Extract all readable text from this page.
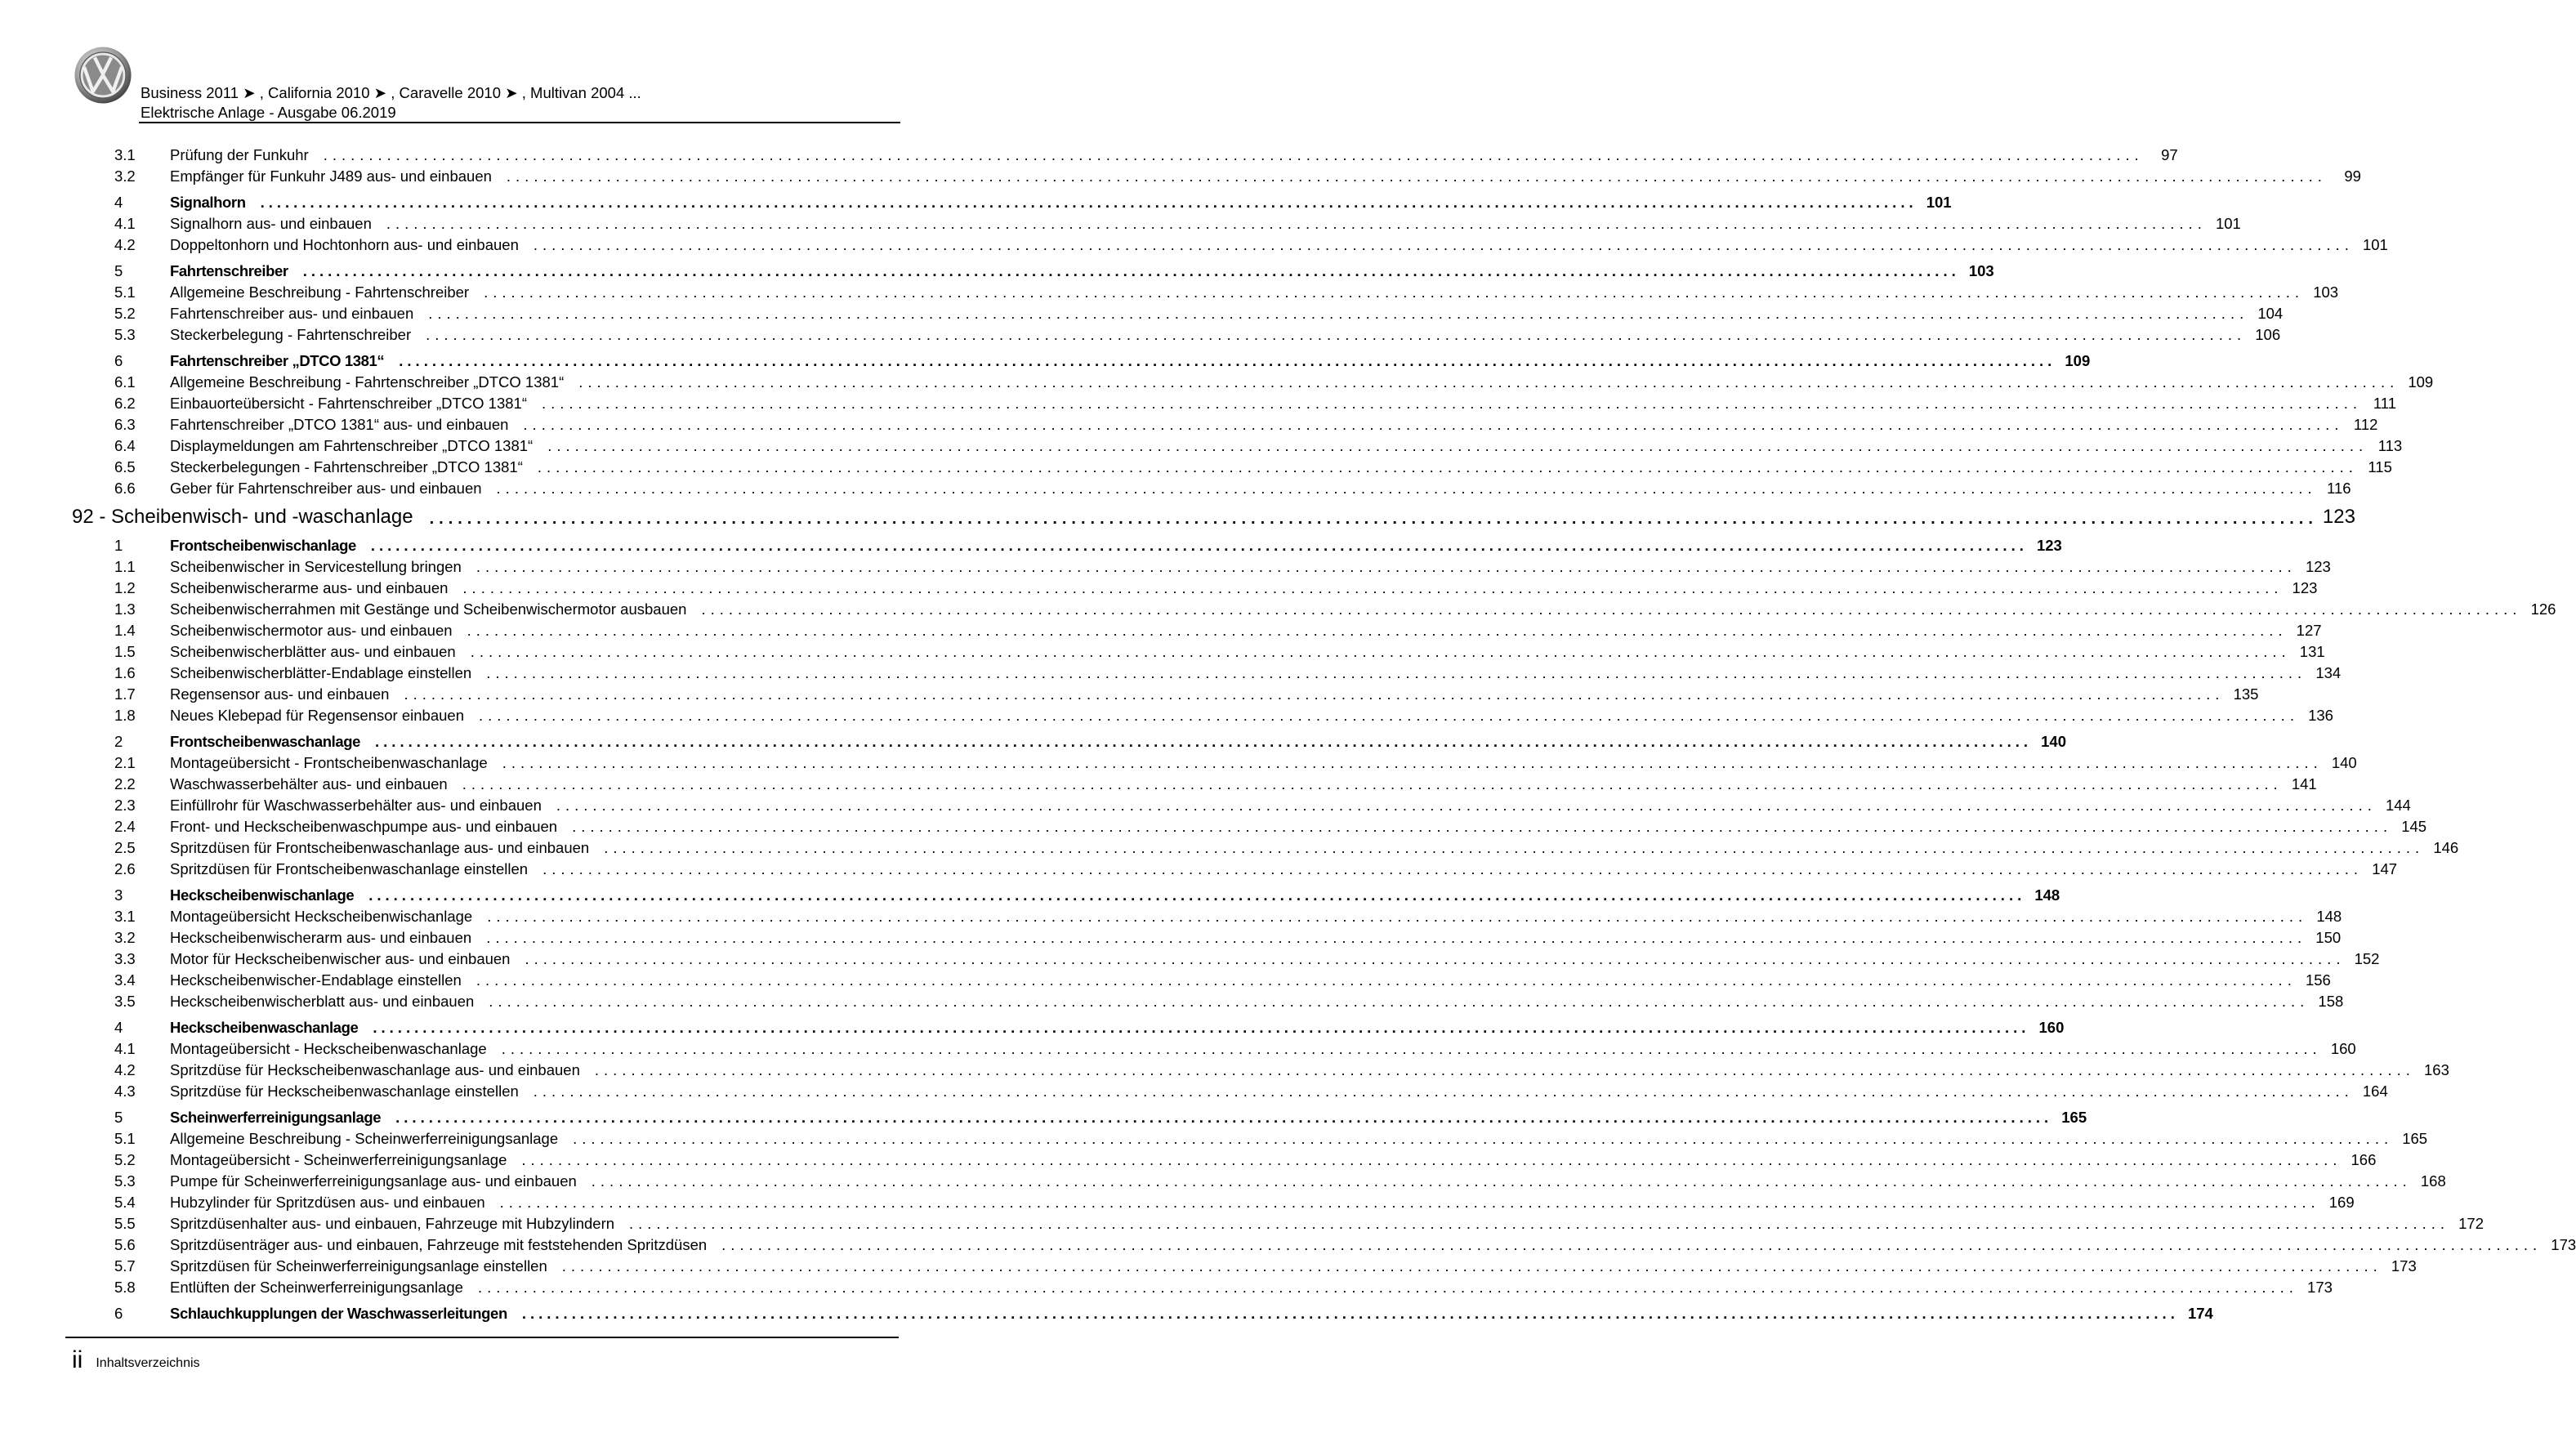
Business 2011 ➤ , California 2010 ➤ , Caravelle 2010 ➤ , Multivan 2004 ...
Elektrische Anlage - Ausgabe 06.2019
3.1	Prüfung der Funkuhr ........................................................................................................................................................................................................	97
3.2	Empfänger für Funkuhr J489 aus- und einbauen ........................................................................................................................................................................................................	99
4	Signalhorn ........................................................................................................................................................................................................ 101
4.1	Signalhorn aus- und einbauen ........................................................................................................................................................................................................ 101
4.2	Doppeltonhorn und Hochtonhorn aus- und einbauen ........................................................................................................................................................................................................ 101
5	Fahrtenschreiber ........................................................................................................................................................................................................ 103
5.1	Allgemeine Beschreibung - Fahrtenschreiber ........................................................................................................................................................................................................ 103
5.2	Fahrtenschreiber aus- und einbauen ........................................................................................................................................................................................................ 104
5.3	Steckerbelegung - Fahrtenschreiber ........................................................................................................................................................................................................ 106
6	Fahrtenschreiber „DTCO 1381“ ........................................................................................................................................................................................................ 109
6.1	Allgemeine Beschreibung - Fahrtenschreiber „DTCO 1381“ ........................................................................................................................................................................................................ 109
6.2	Einbauorteübersicht - Fahrtenschreiber „DTCO 1381“ ........................................................................................................................................................................................................ 111
6.3	Fahrtenschreiber „DTCO 1381“ aus- und einbauen ........................................................................................................................................................................................................ 112
6.4	Displaymeldungen am Fahrtenschreiber „DTCO 1381“ ........................................................................................................................................................................................................ 113
6.5	Steckerbelegungen - Fahrtenschreiber „DTCO 1381“ ........................................................................................................................................................................................................ 115
6.6	Geber für Fahrtenschreiber aus- und einbauen ........................................................................................................................................................................................................ 116
92 - Scheibenwisch- und -waschanlage ........................................................................................................................................................................................................ 123
1	Frontscheibenwischanlage ........................................................................................................................................................................................................ 123
1.1	Scheibenwischer in Servicestellung bringen ........................................................................................................................................................................................................ 123
1.2	Scheibenwischerarme aus- und einbauen ........................................................................................................................................................................................................ 123
1.3	Scheibenwischerrahmen mit Gestänge und Scheibenwischermotor ausbauen ........................................................................................................................................................................................................ 126
1.4	Scheibenwischermotor aus- und einbauen ........................................................................................................................................................................................................ 127
1.5	Scheibenwischerblätter aus- und einbauen ........................................................................................................................................................................................................ 131
1.6	Scheibenwischerblätter-Endablage einstellen ........................................................................................................................................................................................................ 134
1.7	Regensensor aus- und einbauen ........................................................................................................................................................................................................ 135
1.8	Neues Klebepad für Regensensor einbauen ........................................................................................................................................................................................................ 136
2	Frontscheibenwaschanlage ........................................................................................................................................................................................................ 140
2.1	Montageübersicht - Frontscheibenwaschanlage ........................................................................................................................................................................................................ 140
2.2	Waschwasserbehälter aus- und einbauen ........................................................................................................................................................................................................ 141
2.3	Einfüllrohr für Waschwasserbehälter aus- und einbauen ........................................................................................................................................................................................................ 144
2.4	Front- und Heckscheibenwaschpumpe aus- und einbauen ........................................................................................................................................................................................................ 145
2.5	Spritzdüsen für Frontscheibenwaschanlage aus- und einbauen ........................................................................................................................................................................................................ 146
2.6	Spritzdüsen für Frontscheibenwaschanlage einstellen ........................................................................................................................................................................................................ 147
3	Heckscheibenwischanlage ........................................................................................................................................................................................................ 148
3.1	Montageübersicht Heckscheibenwischanlage ........................................................................................................................................................................................................ 148
3.2	Heckscheibenwischerarm aus- und einbauen ........................................................................................................................................................................................................ 150
3.3	Motor für Heckscheibenwischer aus- und einbauen ........................................................................................................................................................................................................ 152
3.4	Heckscheibenwischer-Endablage einstellen ........................................................................................................................................................................................................ 156
3.5	Heckscheibenwischerblatt aus- und einbauen ........................................................................................................................................................................................................ 158
4	Heckscheibenwaschanlage ........................................................................................................................................................................................................ 160
4.1	Montageübersicht - Heckscheibenwaschanlage ........................................................................................................................................................................................................ 160
4.2	Spritzdüse für Heckscheibenwaschanlage aus- und einbauen ........................................................................................................................................................................................................ 163
4.3	Spritzdüse für Heckscheibenwaschanlage einstellen ........................................................................................................................................................................................................ 164
5	Scheinwerferreinigungsanlage ........................................................................................................................................................................................................ 165
5.1	Allgemeine Beschreibung - Scheinwerferreinigungsanlage ........................................................................................................................................................................................................ 165
5.2	Montageübersicht - Scheinwerferreinigungsanlage ........................................................................................................................................................................................................ 166
5.3	Pumpe für Scheinwerferreinigungsanlage aus- und einbauen ........................................................................................................................................................................................................ 168
5.4	Hubzylinder für Spritzdüsen aus- und einbauen ........................................................................................................................................................................................................ 169
5.5	Spritzdüsenhalter aus- und einbauen, Fahrzeuge mit Hubzylindern ........................................................................................................................................................................................................ 172
5.6	Spritzdüsenträger aus- und einbauen, Fahrzeuge mit feststehenden Spritzdüsen ........................................................................................................................................................................................................ 173
5.7	Spritzdüsen für Scheinwerferreinigungsanlage einstellen ........................................................................................................................................................................................................ 173
5.8	Entlüften der Scheinwerferreinigungsanlage ........................................................................................................................................................................................................ 173
6	Schlauchkupplungen der Waschwasserleitungen ........................................................................................................................................................................................................ 174
ii Inhaltsverzeichnis
